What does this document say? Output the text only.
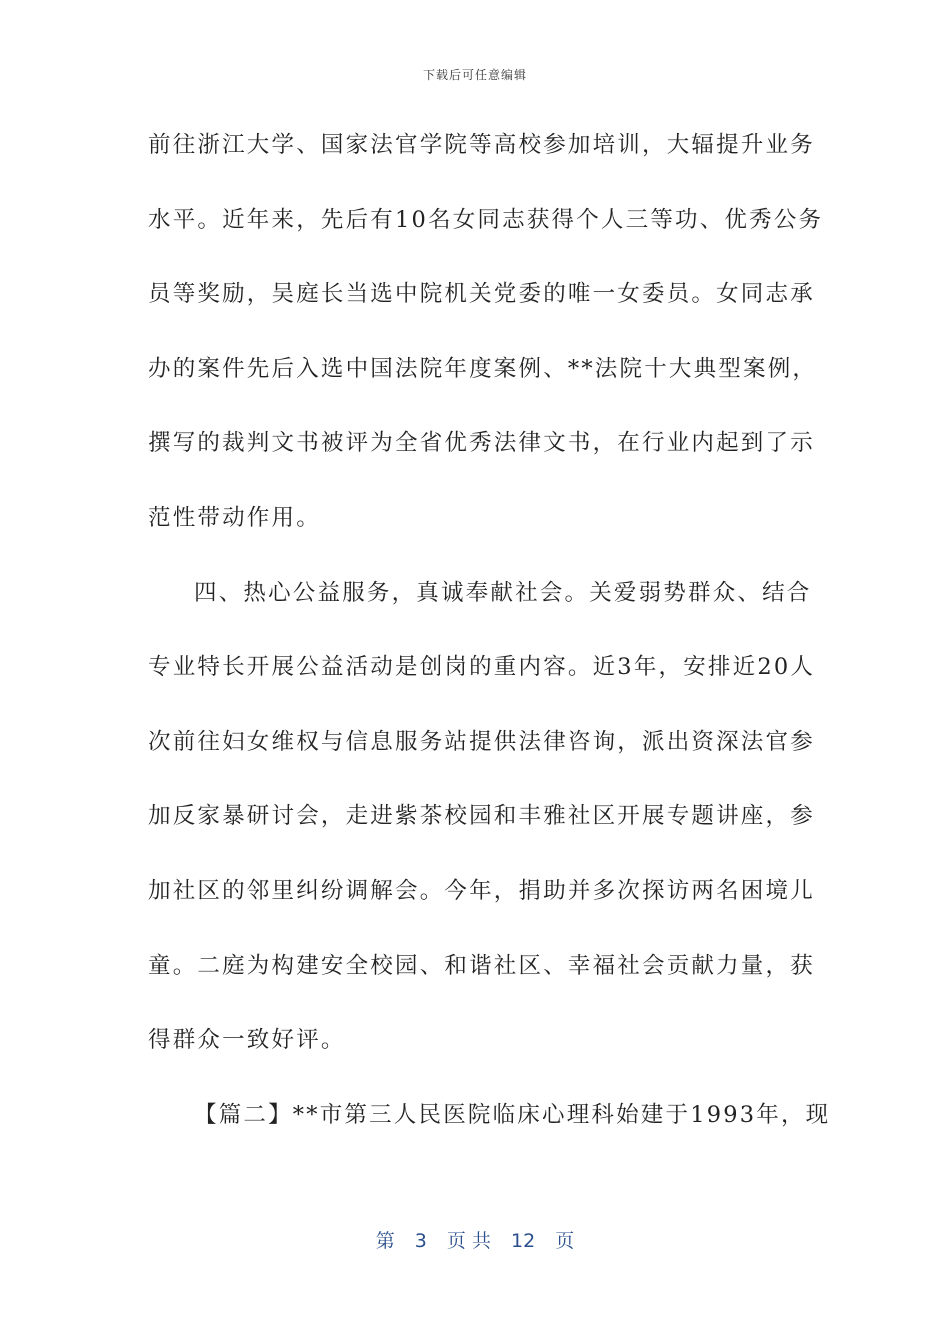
下载后可任意编辑
前往浙江大学、国家法官学院等高校参加培训，大辐提升业务
水平。近年来，先后有10名女同志获得个人三等功、优秀公务
员等奖励，吴庭长当选中院机关党委的唯一女委员。女同志承
办的案件先后入选中国法院年度案例、**法院十大典型案例，
撰写的裁判文书被评为全省优秀法律文书，在行业内起到了示
范性带动作用。
四、热心公益服务，真诚奉献社会。关爱弱势群众、结合
专业特长开展公益活动是创岗的重内容。近3年，安排近20人
次前往妇女维权与信息服务站提供法律咨询，派出资深法官参
加反家暴研讨会，走进紫茶校园和丰雅社区开展专题讲座，参
加社区的邻里纠纷调解会。今年，捐助并多次探访两名困境儿
童。二庭为构建安全校园、和谐社区、幸福社会贡献力量，获
得群众一致好评。
【篇二】**市第三人民医院临床心理科始建于1993年，现
第 3 页 共 12 页
